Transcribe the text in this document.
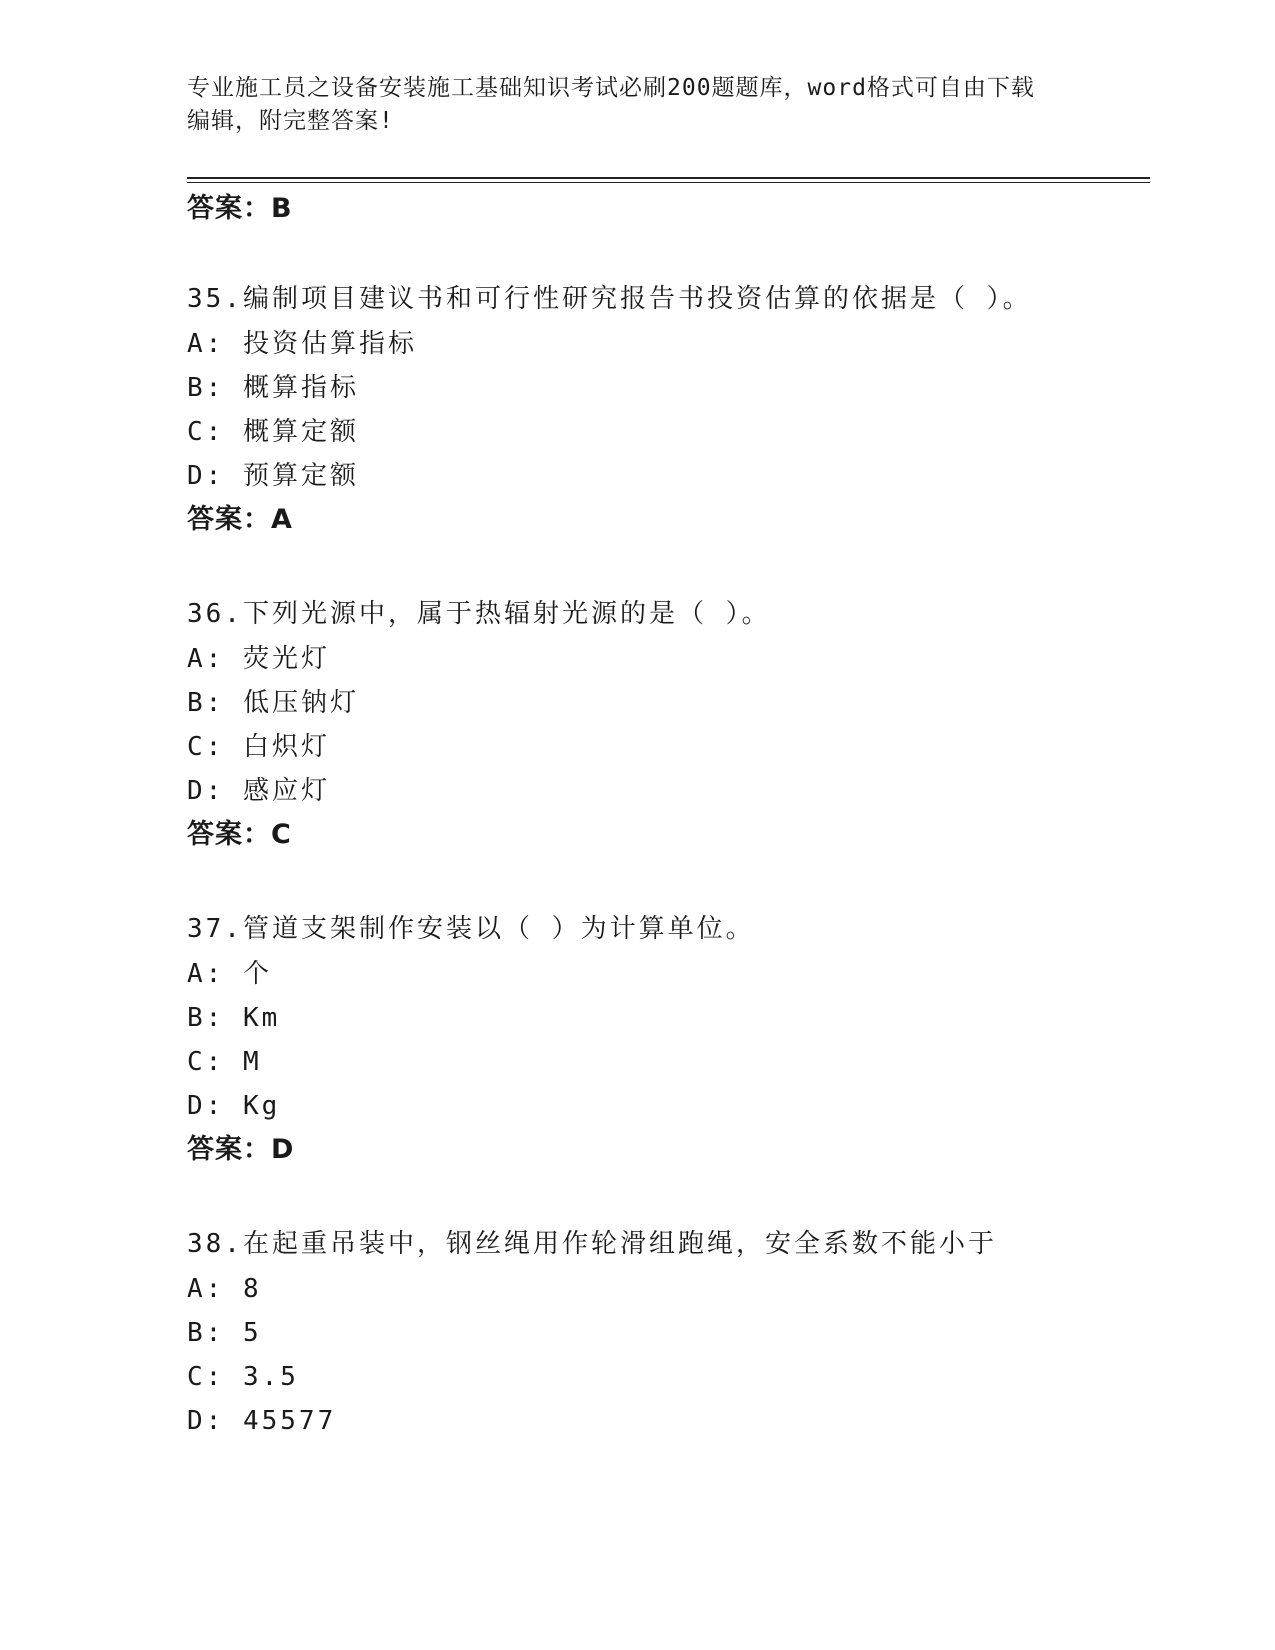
专业施工员之设备安装施工基础知识考试必刷200题题库，word格式可自由下载
编辑，附完整答案!
答案：B
35.编制项目建议书和可行性研究报告书投资估算的依据是（ ）。
A: 投资估算指标
B: 概算指标
C: 概算定额
D: 预算定额
答案：A
36.下列光源中，属于热辐射光源的是（ ）。
A: 荧光灯
B: 低压钠灯
C: 白炽灯
D: 感应灯
答案：C
37.管道支架制作安装以（ ）为计算单位。
A: 个
B: Km
C: M
D: Kg
答案：D
38.在起重吊装中，钢丝绳用作轮滑组跑绳，安全系数不能小于
A: 8
B: 5
C: 3.5
D: 45577
